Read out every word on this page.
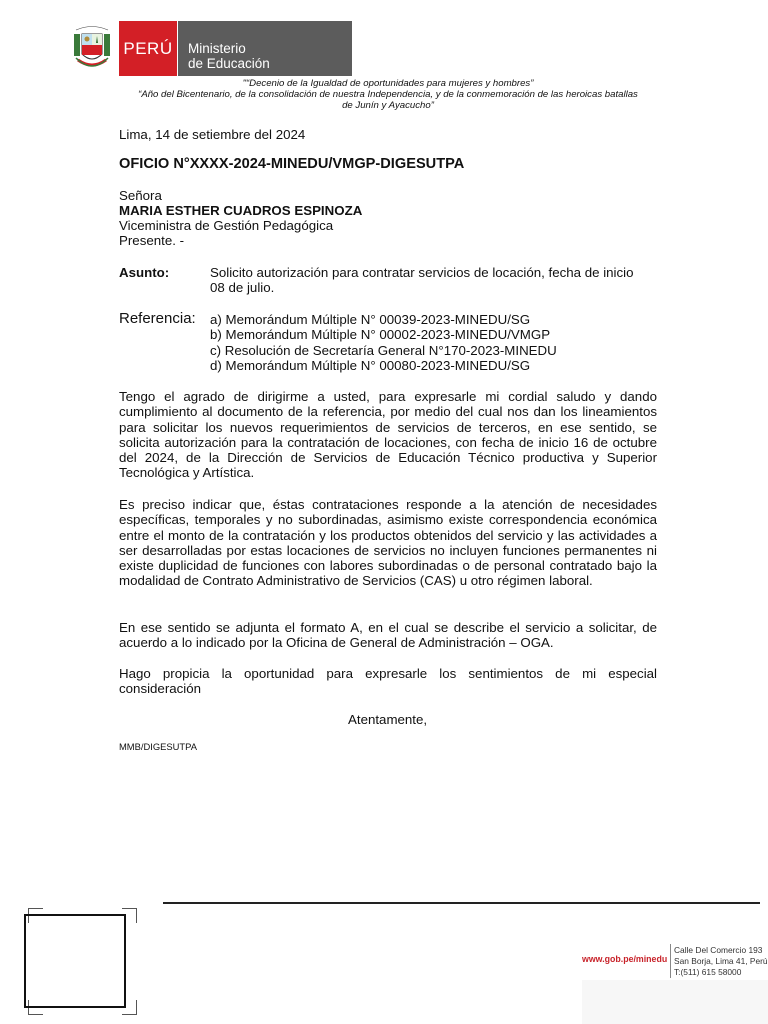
PERÚ Ministerio
de Educación
"“Decenio de la Igualdad de oportunidades para mujeres y hombres”
“Año del Bicentenario, de la consolidación de nuestra Independencia, y de la conmemoración de las heroicas batallas
de Junín y Ayacucho”
Lima, 14 de setiembre del 2024
OFICIO N°XXXX-2024-MINEDU/VMGP-DIGESUTPA
Señora
MARIA ESTHER CUADROS ESPINOZA
Viceministra de Gestión Pedagógica
Presente. -
Asunto:	Solicito autorización para contratar servicios de locación, fecha de inicio 08 de julio.
Referencia: a) Memorándum Múltiple N° 00039-2023-MINEDU/SG
b) Memorándum Múltiple N° 00002-2023-MINEDU/VMGP
c) Resolución de Secretaría General N°170-2023-MINEDU
d) Memorándum Múltiple N° 00080-2023-MINEDU/SG
Tengo el agrado de dirigirme a usted, para expresarle mi cordial saludo y dando cumplimiento al documento de la referencia, por medio del cual nos dan los lineamientos para solicitar los nuevos requerimientos de servicios de terceros, en ese sentido, se solicita autorización para la contratación de locaciones, con fecha de inicio 16 de octubre del 2024, de la Dirección de Servicios de Educación Técnico productiva y Superior Tecnológica y Artística.
Es preciso indicar que, éstas contrataciones responde a la atención de necesidades específicas, temporales y no subordinadas, asimismo existe correspondencia económica entre el monto de la contratación y los productos obtenidos del servicio y las actividades a ser desarrolladas por estas locaciones de servicios no incluyen funciones permanentes ni existe duplicidad de funciones con labores subordinadas o de personal contratado bajo la modalidad de Contrato Administrativo de Servicios (CAS) u otro régimen laboral.
En ese sentido se adjunta el formato A, en el cual se describe el servicio a solicitar, de acuerdo a lo indicado por la Oficina de General de Administración – OGA.
Hago propicia la oportunidad para expresarle los sentimientos de mi especial consideración
Atentamente,
MMB/DIGESUTPA
www.gob.pe/minedu
Calle Del Comercio 193
San Borja, Lima 41, Perú
T:(511) 615 58000
